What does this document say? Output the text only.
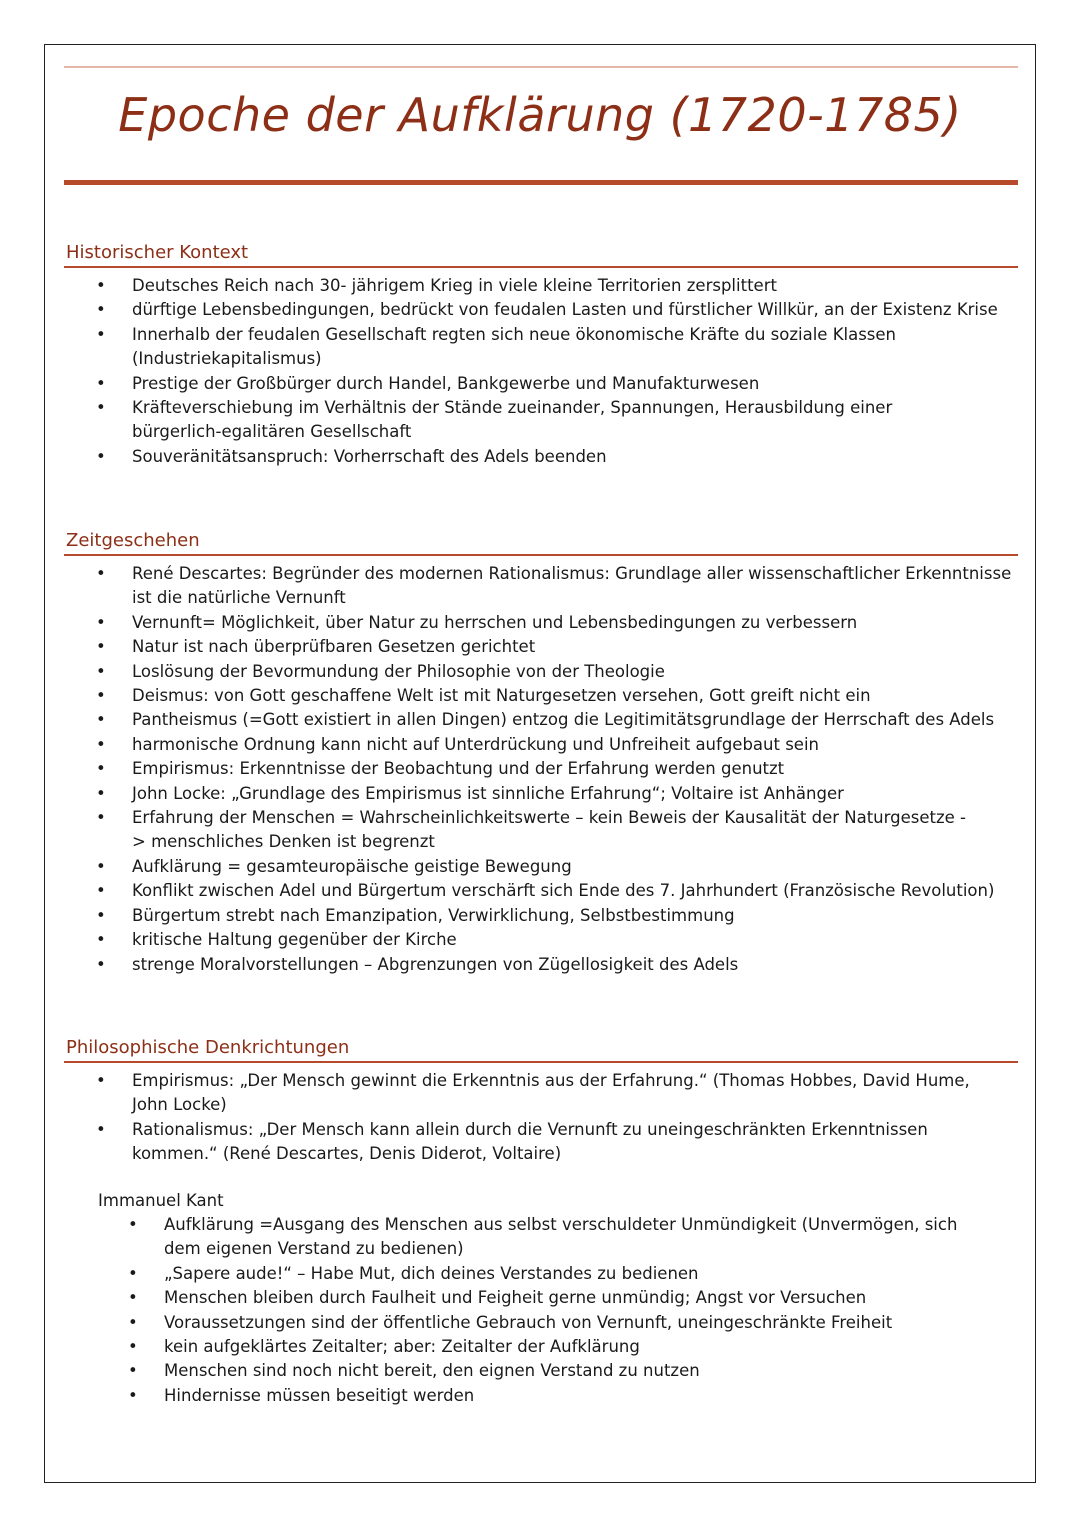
Epoche der Aufklärung (1720-1785)
Historischer Kontext
• Deutsches Reich nach 30- jährigem Krieg in viele kleine Territorien zersplittert
• dürftige Lebensbedingungen, bedrückt von feudalen Lasten und fürstlicher Willkür, an der Existenz Krise
• Innerhalb der feudalen Gesellschaft regten sich neue ökonomische Kräfte du soziale Klassen (Industriekapitalismus)
• Prestige der Großbürger durch Handel, Bankgewerbe und Manufakturwesen
• Kräfteverschiebung im Verhältnis der Stände zueinander, Spannungen, Herausbildung einer bürgerlich-egalitären Gesellschaft
• Souveränitätsanspruch: Vorherrschaft des Adels beenden
Zeitgeschehen
• René Descartes: Begründer des modernen Rationalismus: Grundlage aller wissenschaftlicher Erkenntnisse ist die natürliche Vernunft
• Vernunft= Möglichkeit, über Natur zu herrschen und Lebensbedingungen zu verbessern
• Natur ist nach überprüfbaren Gesetzen gerichtet
• Loslösung der Bevormundung der Philosophie von der Theologie
• Deismus: von Gott geschaffene Welt ist mit Naturgesetzen versehen, Gott greift nicht ein
• Pantheismus (=Gott existiert in allen Dingen) entzog die Legitimitätsgrundlage der Herrschaft des Adels
• harmonische Ordnung kann nicht auf Unterdrückung und Unfreiheit aufgebaut sein
• Empirismus: Erkenntnisse der Beobachtung und der Erfahrung werden genutzt
• John Locke: „Grundlage des Empirismus ist sinnliche Erfahrung“; Voltaire ist Anhänger
• Erfahrung der Menschen = Wahrscheinlichkeitswerte – kein Beweis der Kausalität der Naturgesetze -> menschliches Denken ist begrenzt
• Aufklärung = gesamteuropäische geistige Bewegung
• Konflikt zwischen Adel und Bürgertum verschärft sich Ende des 7. Jahrhundert (Französische Revolution)
• Bürgertum strebt nach Emanzipation, Verwirklichung, Selbstbestimmung
• kritische Haltung gegenüber der Kirche
• strenge Moralvorstellungen – Abgrenzungen von Zügellosigkeit des Adels
Philosophische Denkrichtungen
• Empirismus: „Der Mensch gewinnt die Erkenntnis aus der Erfahrung.“ (Thomas Hobbes, David Hume, John Locke)
• Rationalismus: „Der Mensch kann allein durch die Vernunft zu uneingeschränkten Erkenntnissen kommen.“ (René Descartes, Denis Diderot, Voltaire)
Immanuel Kant
• Aufklärung =Ausgang des Menschen aus selbst verschuldeter Unmündigkeit (Unvermögen, sich dem eigenen Verstand zu bedienen)
• „Sapere aude!“ – Habe Mut, dich deines Verstandes zu bedienen
• Menschen bleiben durch Faulheit und Feigheit gerne unmündig; Angst vor Versuchen
• Voraussetzungen sind der öffentliche Gebrauch von Vernunft, uneingeschränkte Freiheit
• kein aufgeklärtes Zeitalter; aber: Zeitalter der Aufklärung
• Menschen sind noch nicht bereit, den eignen Verstand zu nutzen
• Hindernisse müssen beseitigt werden
